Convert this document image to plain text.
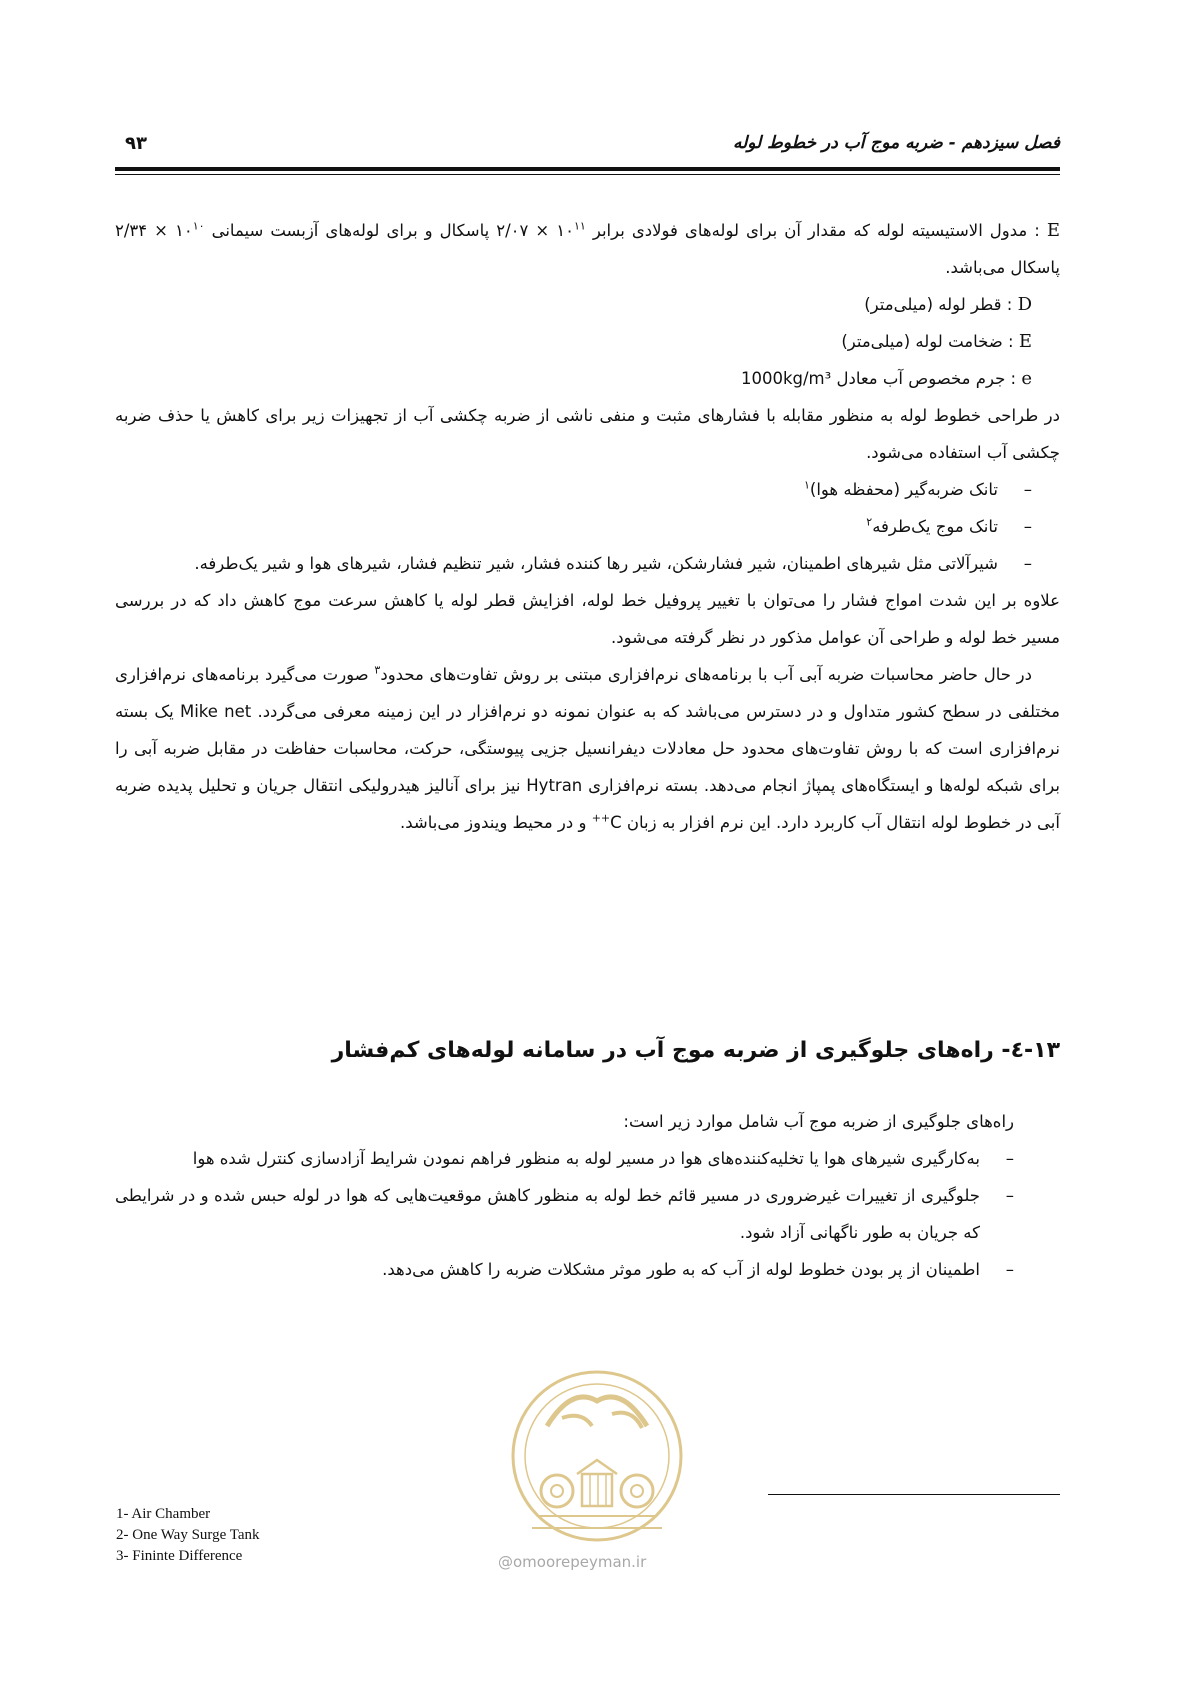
فصل سیزدهم - ضربه موج آب در خطوط لوله
۹۳

E : مدول الاستیسیته لوله که مقدار آن برای لوله‌های فولادی برابر $۱۰^{۱۱}$ × ۲/۰۷ پاسکال و برای لوله‌های آزبست سیمانی $۱۰^{۱۰}$ × ۲/۳۴ پاسکال می‌باشد.

D : قطر لوله (میلی‌متر)

E : ضخامت لوله (میلی‌متر)

e : جرم مخصوص آب معادل 1000kg/m³

در طراحی خطوط لوله به منظور مقابله با فشارهای مثبت و منفی ناشی از ضربه چکشی آب از تجهیزات زیر برای کاهش یا حذف ضربه چکشی آب استفاده می‌شود.

– تانک ضربه‌گیر (محفظه هوا)$^۱$

– تانک موج یک‌طرفه$^۲$

– شیرآلاتی مثل شیرهای اطمینان، شیر فشارشکن، شیر رها کننده فشار، شیر تنظیم فشار، شیرهای هوا و شیر یک‌طرفه.

علاوه بر این شدت امواج فشار را می‌توان با تغییر پروفیل خط لوله، افزایش قطر لوله یا کاهش سرعت موج کاهش داد که در بررسی مسیر خط لوله و طراحی آن عوامل مذکور در نظر گرفته می‌شود.

در حال حاضر محاسبات ضربه آبی آب با برنامه‌های نرم‌افزاری مبتنی بر روش تفاوت‌های محدود$^۳$ صورت می‌گیرد برنامه‌های نرم‌افزاری مختلفی در سطح کشور متداول و در دسترس می‌باشد که به عنوان نمونه دو نرم‌افزار در این زمینه معرفی می‌گردد. Mike net یک بسته نرم‌افزاری است که با روش تفاوت‌های محدود حل معادلات دیفرانسیل جزیی پیوستگی، حرکت، محاسبات حفاظت در مقابل ضربه آبی را برای شبکه لوله‌ها و ایستگاه‌های پمپاژ انجام می‌دهد. بسته نرم‌افزاری Hytran نیز برای آنالیز هیدرولیکی انتقال جریان و تحلیل پدیده ضربه آبی در خطوط لوله انتقال آب کاربرد دارد. این نرم افزار به زبان C++ و در محیط ویندوز می‌باشد.

۱۳-٤- راه‌های جلوگیری از ضربه موج آب در سامانه لوله‌های کم‌فشار

راه‌های جلوگیری از ضربه موج آب شامل موارد زیر است:

– به‌کارگیری شیرهای هوا یا تخلیه‌کننده‌های هوا در مسیر لوله به منظور فراهم نمودن شرایط آزادسازی کنترل شده هوا

– جلوگیری از تغییرات غیرضروری در مسیر قائم خط لوله به منظور کاهش موقعیت‌هایی که هوا در لوله حبس شده و در شرایطی که جریان به طور ناگهانی آزاد شود.

– اطمینان از پر بودن خطوط لوله از آب که به طور موثر مشکلات ضربه را کاهش می‌دهد.

@omoorepeyman.ir
1- Air Chamber
2- One Way Surge Tank
3- Fininte Difference
